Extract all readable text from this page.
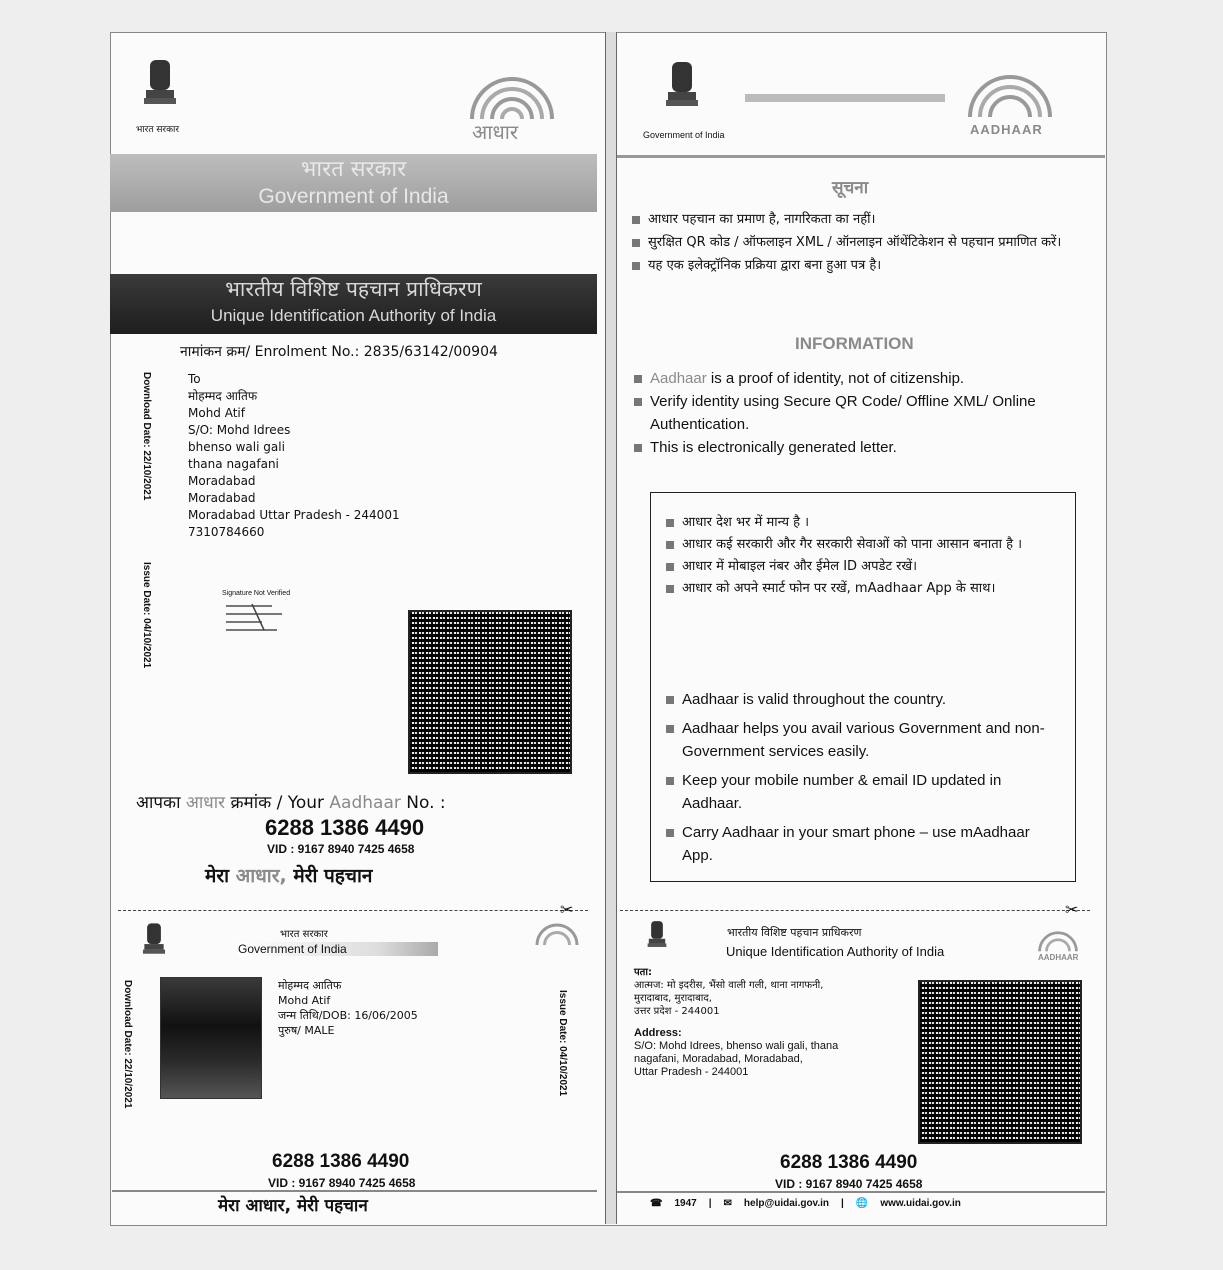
भारत सरकार	आधार
भारत सरकार
Government of India
भारतीय विशिष्ट पहचान प्राधिकरण
Unique Identification Authority of India
नामांकन क्रम/ Enrolment No.: 2835/63142/00904
Download Date: 22/10/2021
Issue Date: 04/10/2021
To
मोहम्मद आतिफ
Mohd Atif
S/O: Mohd Idrees
bhenso wali gali
thana nagafani
Moradabad
Moradabad
Moradabad Uttar Pradesh - 244001
7310784660
Signature Not Verified
आपका आधार क्रमांक / Your Aadhaar No. :
6288 1386 4490
VID : 9167 8940 7425 4658
मेरा आधार, मेरी पहचान
✂
Government of India	AADHAAR
सूचना
आधार पहचान का प्रमाण है, नागरिकता का नहीं।
सुरक्षित QR कोड / ऑफलाइन XML / ऑनलाइन ऑथेंटिकेशन से पहचान प्रमाणित करें।
यह एक इलेक्ट्रॉनिक प्रक्रिया द्वारा बना हुआ पत्र है।
INFORMATION
Aadhaar is a proof of identity, not of citizenship.
Verify identity using Secure QR Code/ Offline XML/ Online Authentication.
This is electronically generated letter.
आधार देश भर में मान्य है ।
आधार कई सरकारी और गैर सरकारी सेवाओं को पाना आसान बनाता है ।
आधार में मोबाइल नंबर और ईमेल ID अपडेट रखें।
आधार को अपने स्मार्ट फोन पर रखें, mAadhaar App के साथ।
Aadhaar is valid throughout the country.
Aadhaar helps you avail various Government and non-Government services easily.
Keep your mobile number & email ID updated in Aadhaar.
Carry Aadhaar in your smart phone – use mAadhaar App.
✂
भारत सरकार
Government of India
Download Date: 22/10/2021	Issue Date: 04/10/2021
मोहम्मद आतिफ
Mohd Atif
जन्म तिथि/DOB: 16/06/2005
पुरुष/ MALE
6288 1386 4490
VID : 9167 8940 7425 4658
मेरा आधार, मेरी पहचान
भारतीय विशिष्ट पहचान प्राधिकरण
Unique Identification Authority of India	AADHAAR
पता:
आत्मज: मो इदरीस, भैंसो वाली गली, थाना नागफनी,
मुरादाबाद, मुरादाबाद,
उत्तर प्रदेश - 244001
Address:
S/O: Mohd Idrees, bhenso wali gali, thana
nagafani, Moradabad, Moradabad,
Uttar Pradesh - 244001
6288 1386 4490
VID : 9167 8940 7425 4658
☎ 1947 | ✉ help@uidai.gov.in | 🌐 www.uidai.gov.in
